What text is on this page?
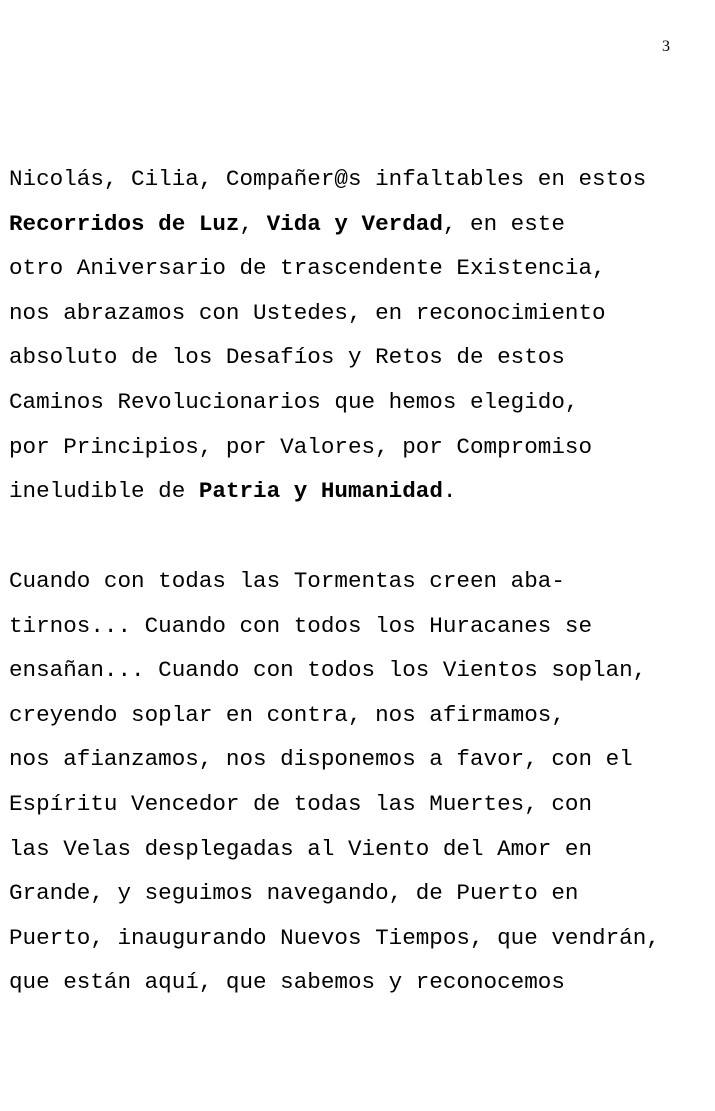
3
Nicolás, Cilia, Compañer@s infaltables en estos
Recorridos de Luz, Vida y Verdad, en este
otro Aniversario de trascendente Existencia,
nos abrazamos con Ustedes, en reconocimiento
absoluto de los Desafíos y Retos de estos
Caminos Revolucionarios que hemos elegido,
por Principios, por Valores, por Compromiso
ineludible de Patria y Humanidad.
Cuando con todas las Tormentas creen aba-
tirnos... Cuando con todos los Huracanes se
ensañan... Cuando con todos los Vientos soplan,
creyendo soplar en contra, nos afirmamos,
nos afianzamos, nos disponemos a favor, con el
Espíritu Vencedor de todas las Muertes, con
las Velas desplegadas al Viento del Amor en
Grande, y seguimos navegando, de Puerto en
Puerto, inaugurando Nuevos Tiempos, que vendrán,
que están aquí, que sabemos y reconocemos
